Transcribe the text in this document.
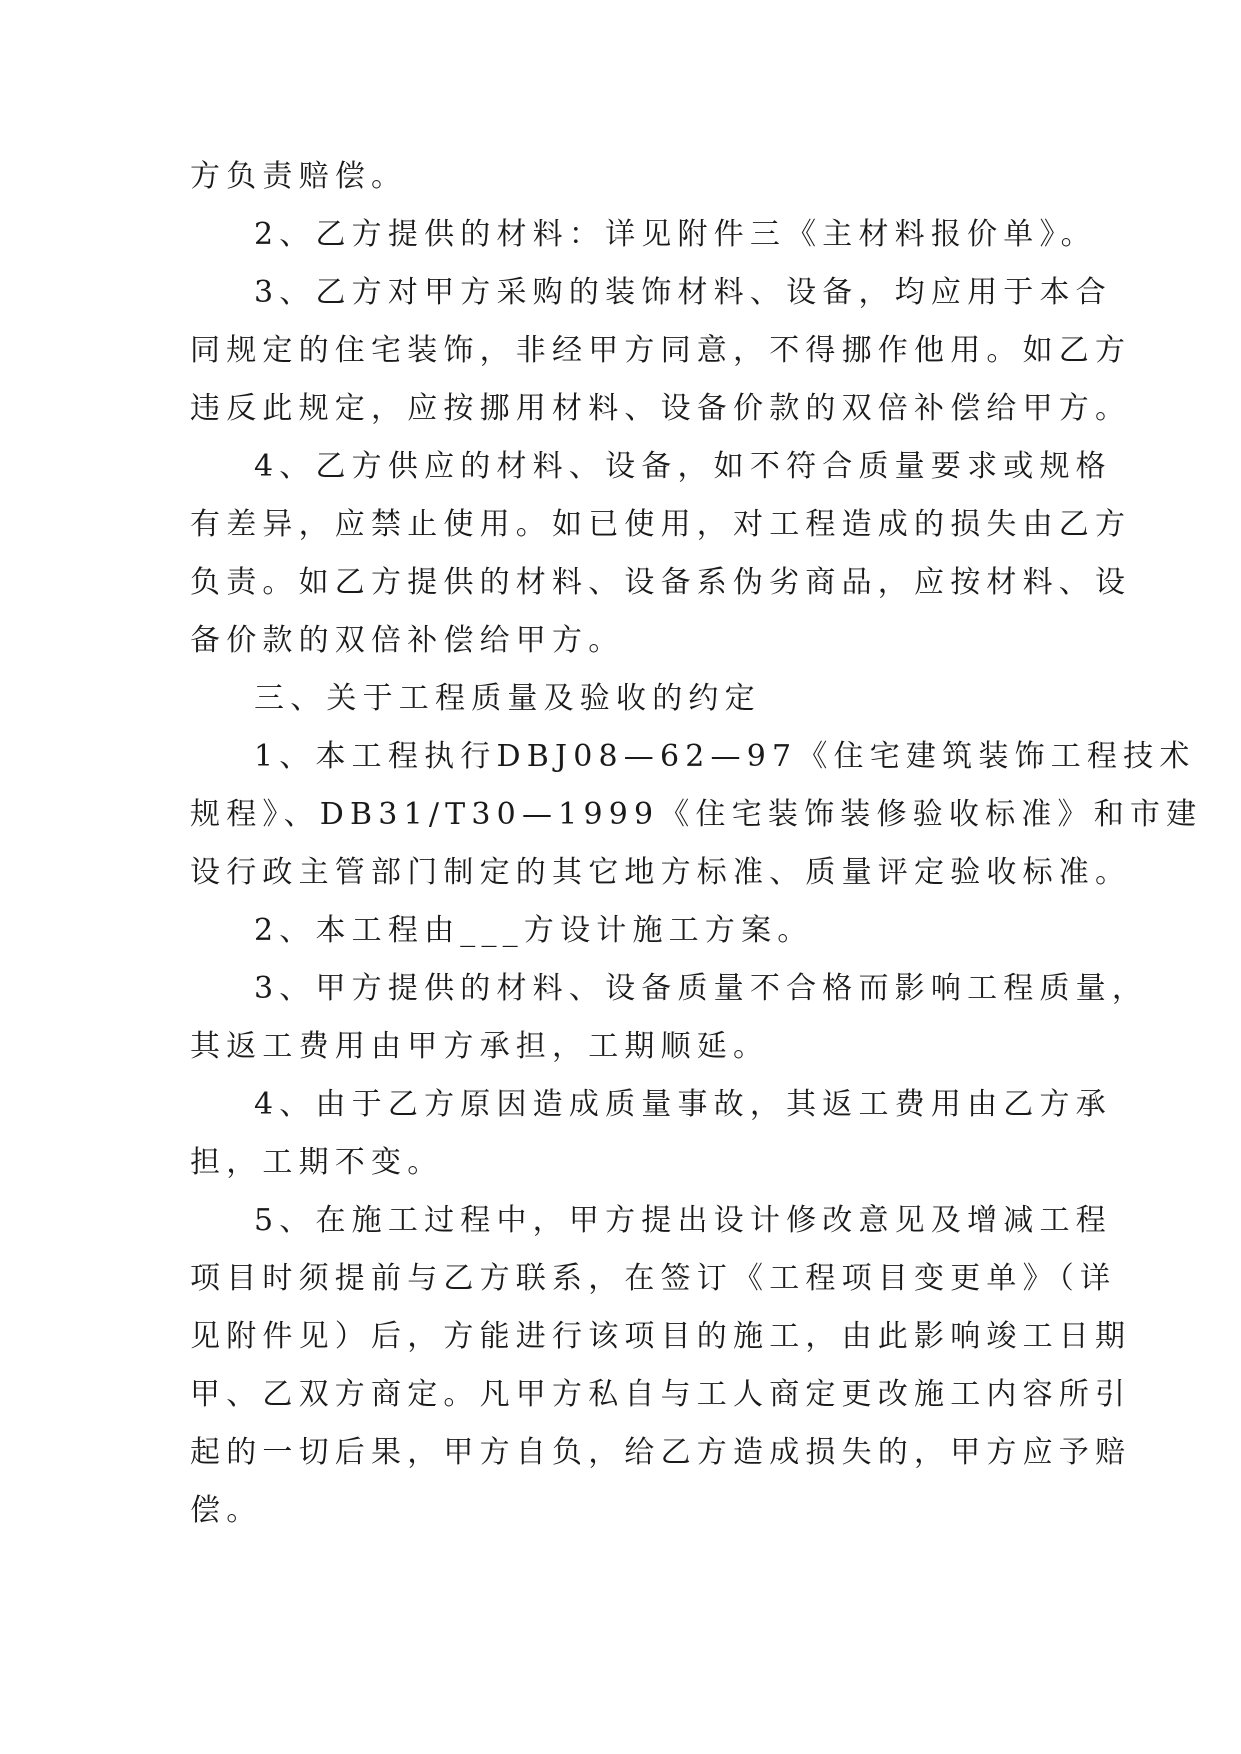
方负责赔偿。
2、乙方提供的材料：详见附件三《主材料报价单》。
3、乙方对甲方采购的装饰材料、设备，均应用于本合
同规定的住宅装饰，非经甲方同意，不得挪作他用。如乙方
违反此规定，应按挪用材料、设备价款的双倍补偿给甲方。
4、乙方供应的材料、设备，如不符合质量要求或规格
有差异，应禁止使用。如已使用，对工程造成的损失由乙方
负责。如乙方提供的材料、设备系伪劣商品，应按材料、设
备价款的双倍补偿给甲方。
三、关于工程质量及验收的约定
1、本工程执行DBJ08—62—97《住宅建筑装饰工程技术
规程》、DB31/T30—1999《住宅装饰装修验收标准》和市建
设行政主管部门制定的其它地方标准、质量评定验收标准。
2、本工程由___方设计施工方案。
3、甲方提供的材料、设备质量不合格而影响工程质量，
其返工费用由甲方承担，工期顺延。
4、由于乙方原因造成质量事故，其返工费用由乙方承
担，工期不变。
5、在施工过程中，甲方提出设计修改意见及增减工程
项目时须提前与乙方联系，在签订《工程项目变更单》（详
见附件见）后，方能进行该项目的施工，由此影响竣工日期
甲、乙双方商定。凡甲方私自与工人商定更改施工内容所引
起的一切后果，甲方自负，给乙方造成损失的，甲方应予赔
偿。
